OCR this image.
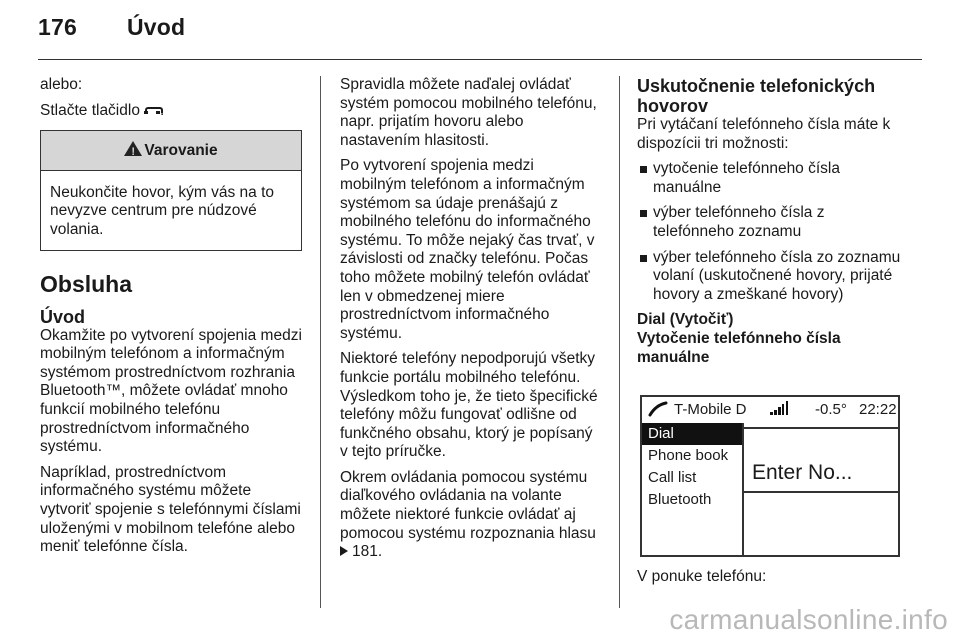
176 Úvod

alebo:

Stlačte tlačidlo .

!Varovanie
Neukončite hovor, kým vás na to nevyzve centrum pre núdzové volania.
Obsluha
Úvod

Okamžite po vytvorení spojenia medzi mobilným telefónom a informačným systémom prostredníctvom rozhrania Bluetooth™, môžete ovládať mnoho funkcií mobilného telefónu prostredníctvom informačného systému.

Napríklad, prostredníctvom informačného systému môžete vytvoriť spojenie s telefónnymi číslami uloženými v mobilnom telefóne alebo meniť telefónne čísla.

Spravidla môžete naďalej ovládať systém pomocou mobilného telefónu, napr. prijatím hovoru alebo nastavením hlasitosti.

Po vytvorení spojenia medzi mobilným telefónom a informačným systémom sa údaje prenášajú z mobilného telefónu do informačného systému. To môže nejaký čas trvať, v závislosti od značky telefónu. Počas toho môžete mobilný telefón ovládať len v obmedzenej miere prostredníctvom informačného systému.

Niektoré telefóny nepodporujú všetky funkcie portálu mobilného telefónu. Výsledkom toho je, že tieto špecifické telefóny môžu fungovať odlišne od funkčného obsahu, ktorý je popísaný v tejto príručke.

Okrem ovládania pomocou systému diaľkového ovládania na volante môžete niektoré funkcie ovládať aj pomocou systému rozpoznania hlasu
181.

Uskutočnenie telefonických hovorov

Pri vytáčaní telefónneho čísla máte k dispozícii tri možnosti:

vytočenie telefónneho čísla manuálne
výber telefónneho čísla z telefónneho zoznamu
výber telefónneho čísla zo zoznamu volaní (uskutočnené hovory, prijaté hovory a zmeškané hovory)
Dial (Vytočiť)
Vytočenie telefónneho čísla manuálne
T-Mobile D	-0.5° 22:22
Dial
Phone book
Call list
Bluetooth
Enter No...

V ponuke telefónu:

carmanualsonline.info
